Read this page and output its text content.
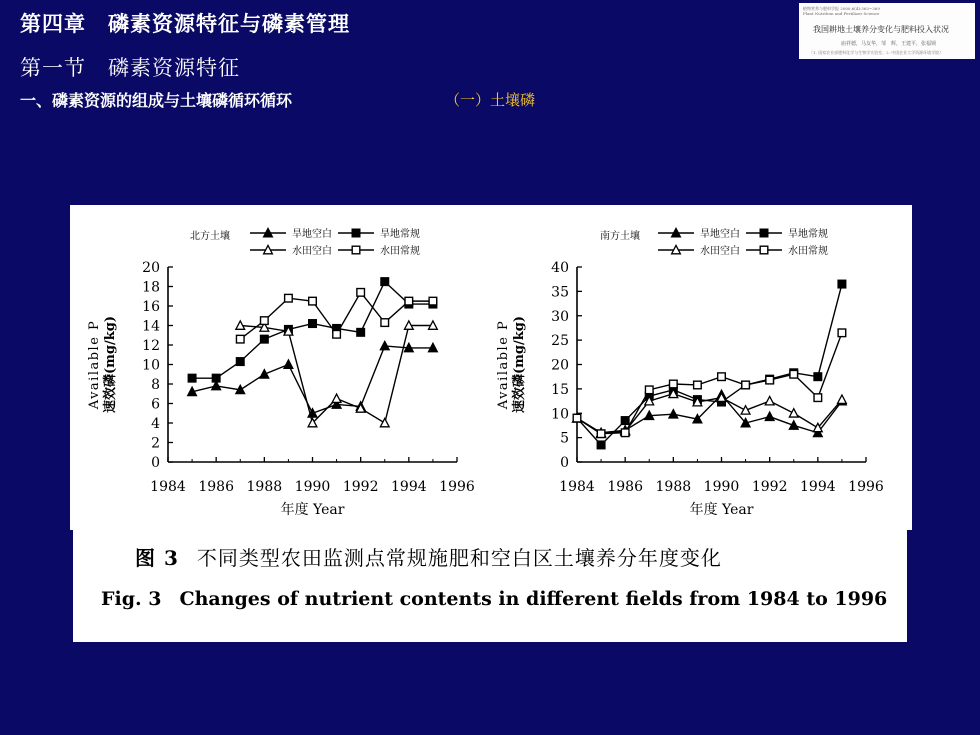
第四章　磷素资源特征与磷素管理
第一节　磷素资源特征
一、磷素资源的组成与土壤磷循环循环	（一）土壤磷
植物营养与肥料学报 2000,6(4):363~369
Plant Nutrition and Fertilizer Science
我国耕地土壤养分变化与肥料投入状况
庙祥德，马友华，邹　辉，王建平，张福锁
（1. 国家农业部肥料化学与生物学实验室；2. 中国农业大学资源环境学院）
0
2
4
6
8
10
12
14
16
18
20
1984 1986 1988 1990 1992 1994 1996
年度 Year
Available P 速效磷(mg/kg)
北方土壤	旱地空白	旱地常规
水田空白	水田常规
0
5
10
15
20
25
30
35
40
1984 1986 1988 1990 1992 1994 1996
年度 Year
Available P 速效磷(mg/kg)
南方土壤	旱地空白	旱地常规
水田空白	水田常规
图 3 不同类型农田监测点常规施肥和空白区土壤养分年度变化
Fig. 3 Changes of nutrient contents in different fields from 1984 to 1996
